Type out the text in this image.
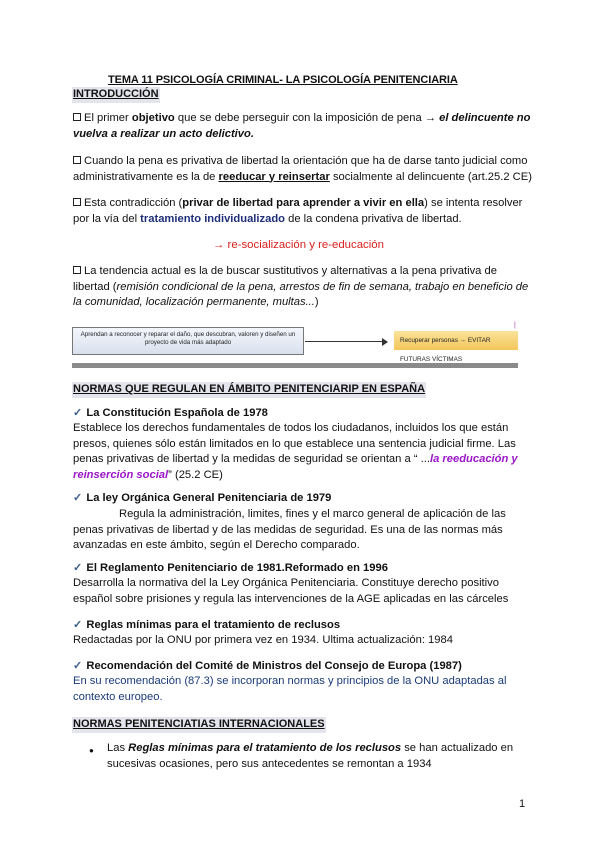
TEMA 11 PSICOLOGÍA CRIMINAL- LA PSICOLOGÍA PENITENCIARIA
INTRODUCCIÓN
El primer objetivo que se debe perseguir con la imposición de pena → el delincuente no vuelva a realizar un acto delictivo.
Cuando la pena es privativa de libertad la orientación que ha de darse tanto judicial como administrativamente es la de reeducar y reinsertar socialmente al delincuente (art.25.2 CE)
Esta contradicción (privar de libertad para aprender a vivir en ella) se intenta resolver por la vía del tratamiento individualizado de la condena privativa de libertad.
→ re-socialización y re-educación
La tendencia actual es la de buscar sustitutivos y alternativas a la pena privativa de libertad (remisión condicional de la pena, arrestos de fin de semana, trabajo en beneficio de la comunidad, localización permanente, multas...)
|
Aprendan a reconocer y reparar el daño, que descubran, valoren y diseñen un proyecto de vida más adaptado	Recuperar personas → EVITAR FUTURAS VÍCTIMAS
NORMAS QUE REGULAN EN ÁMBITO PENITENCIARIP EN ESPAÑA
✓ La Constitución Española de 1978
Establece los derechos fundamentales de todos los ciudadanos, incluidos los que están presos, quienes sólo están limitados en lo que establece una sentencia judicial firme. Las penas privativas de libertad y la medidas de seguridad se orientan a “ ...la reeducación y reinserción social” (25.2 CE)
✓ La ley Orgánica General Penitenciaria de 1979
Regula la administración, limites, fines y el marco general de aplicación de las penas privativas de libertad y de las medidas de seguridad. Es una de las normas más avanzadas en este ámbito, según el Derecho comparado.
✓ El Reglamento Penitenciario de 1981.Reformado en 1996
Desarrolla la normativa del la Ley Orgánica Penitenciaria. Constituye derecho positivo español sobre prisiones y regula las intervenciones de la AGE aplicadas en las cárceles
✓ Reglas mínimas para el tratamiento de reclusos
Redactadas por la ONU por primera vez en 1934. Ultima actualización: 1984
✓ Recomendación del Comité de Ministros del Consejo de Europa (1987)
En su recomendación (87.3) se incorporan normas y principios de la ONU adaptadas al contexto europeo.
NORMAS PENITENCIATIAS INTERNACIONALES
● Las Reglas mínimas para el tratamiento de los reclusos se han actualizado en sucesivas ocasiones, pero sus antecedentes se remontan a 1934
1
